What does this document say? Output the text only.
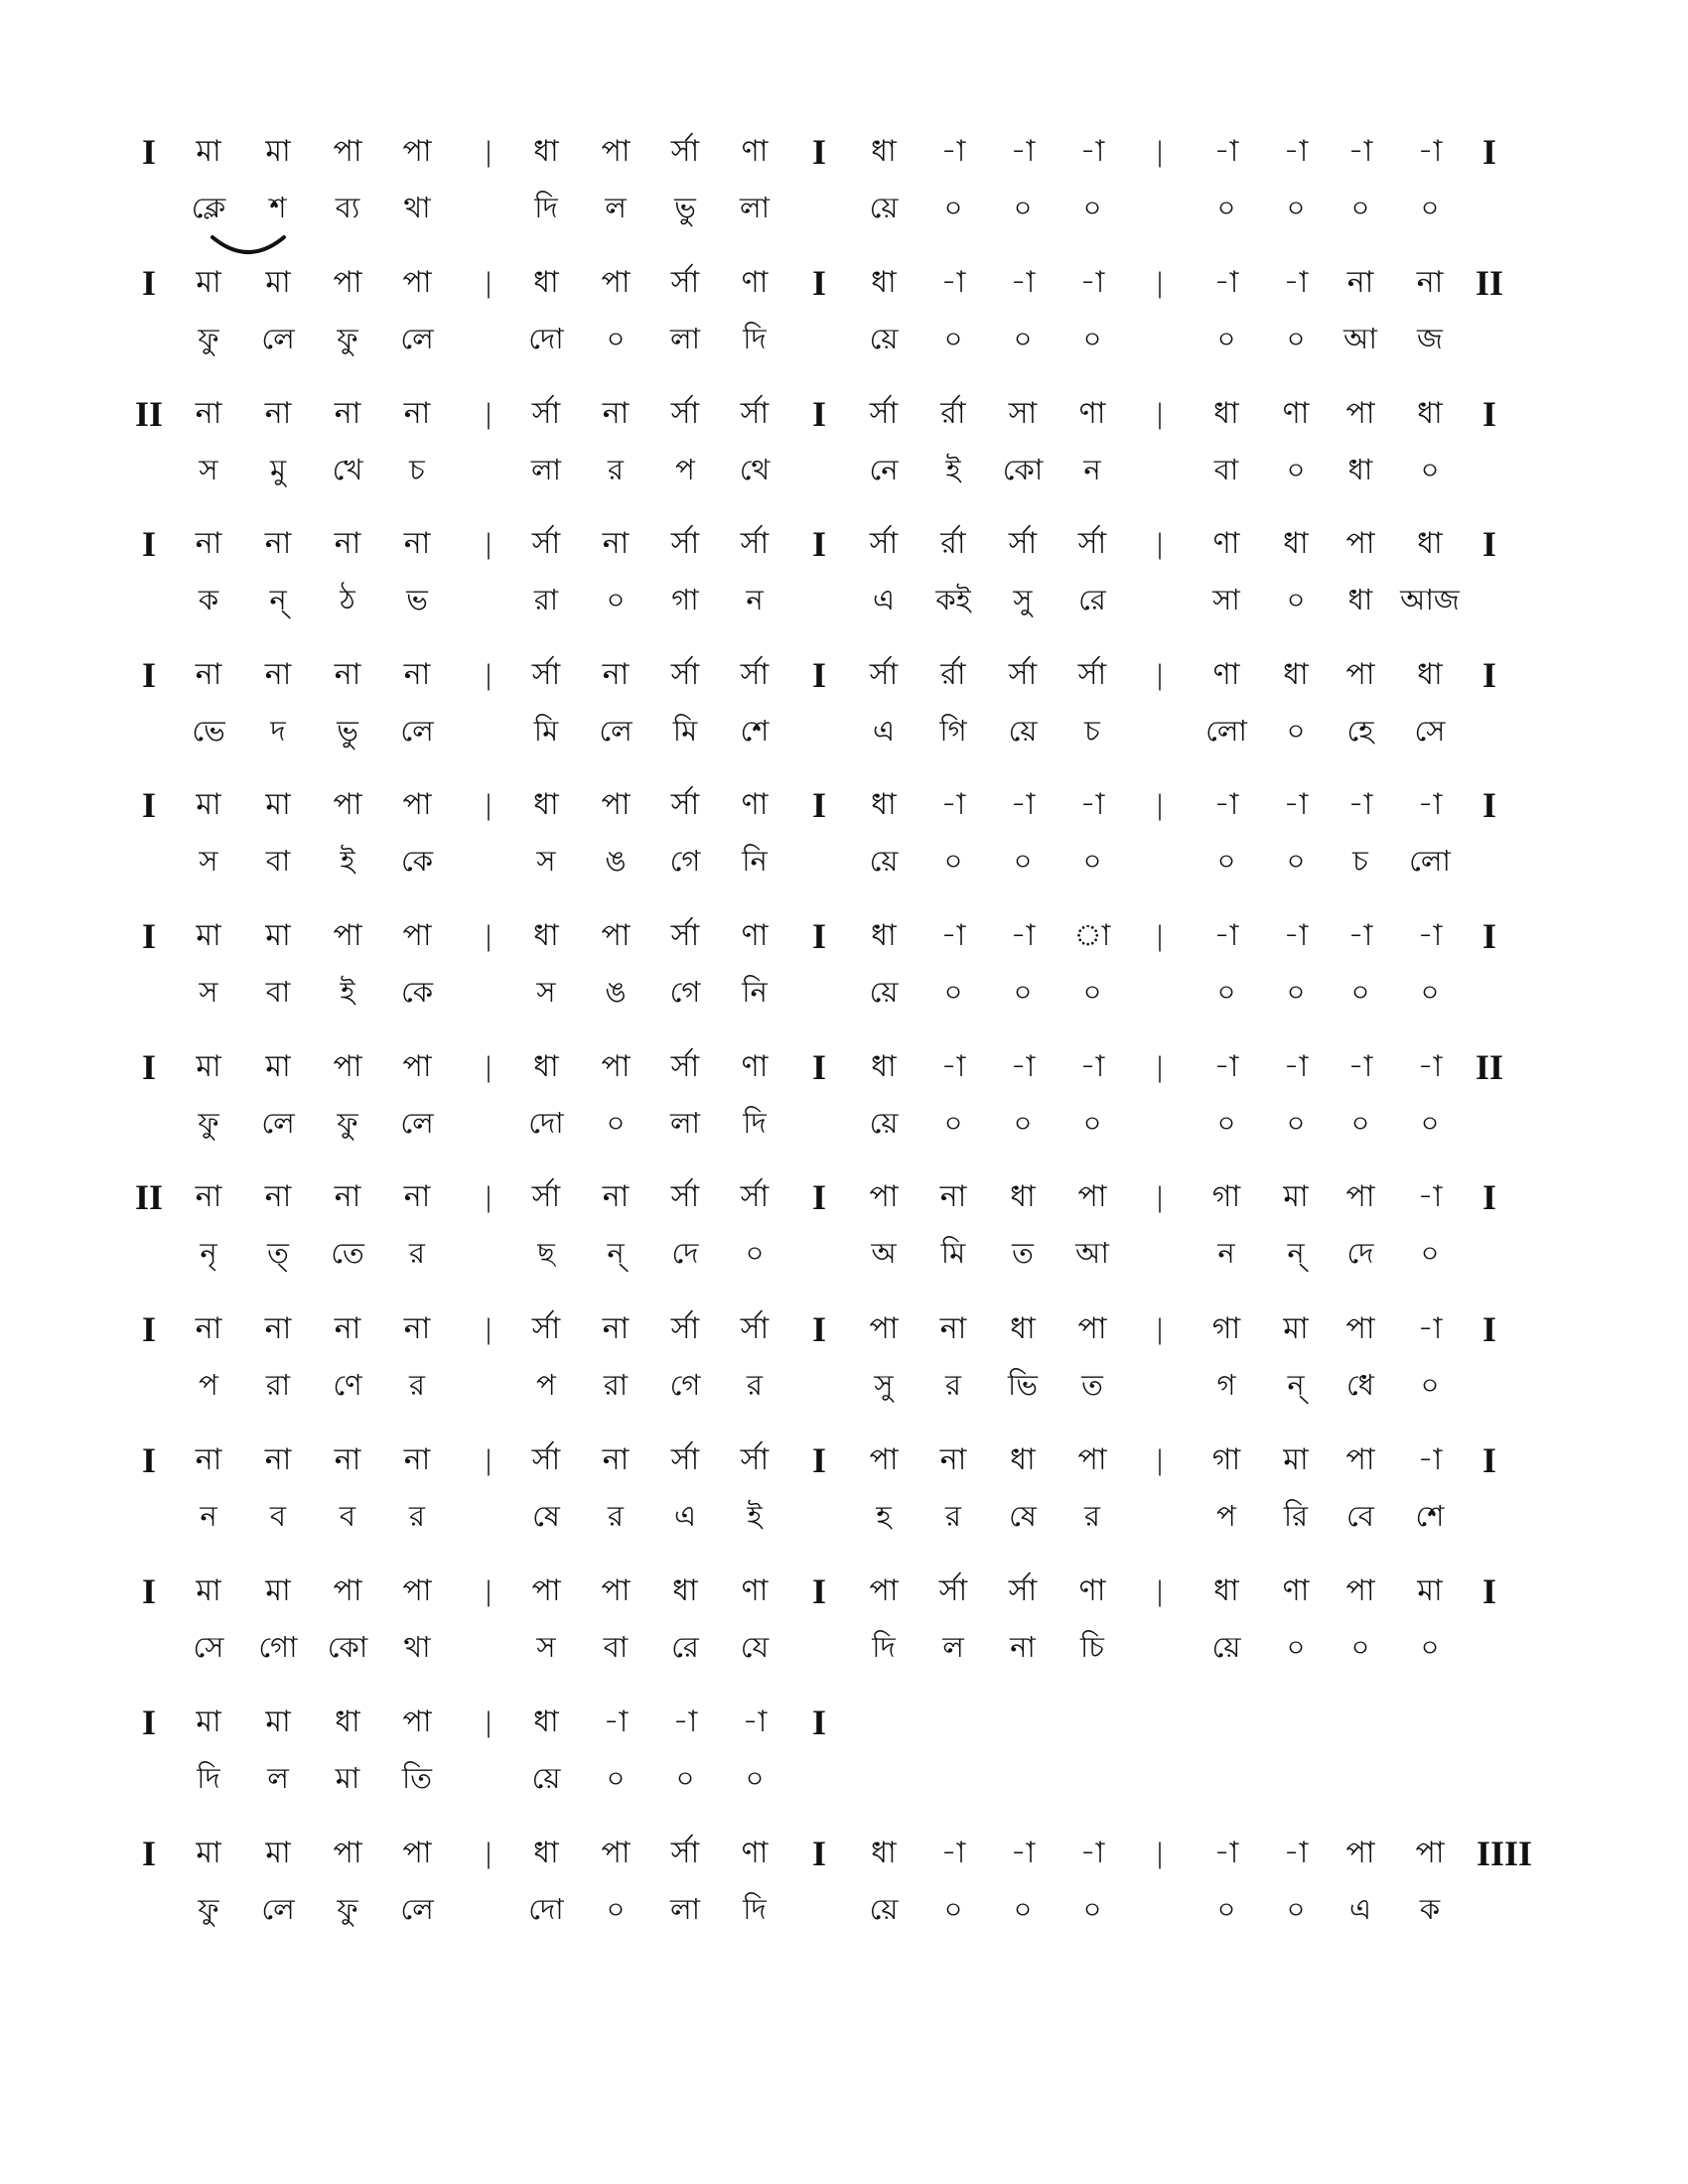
I	মা	মা	পা	পা	|	ধা	পা	র্সা	ণা	I	ধা	-া	-া	-া	|	-া	-া	-া	-া	I
ক্লে	শ	ব্য	থা	দি	ল	ভু	লা	য়ে	০	০	০	০	০	০	০
I	মা	মা	পা	পা	|	ধা	পা	র্সা	ণা	I	ধা	-া	-া	-া	|	-া	-া	না	না II
ফু	লে	ফু	লে	দো	০	লা	দি	য়ে	০	০	০	০	০	আ	জ
II	না	না	না	না	|	র্সা	না	র্সা	র্সা	I	র্সা	র্রা	সা	ণা	|	ধা	ণা	পা	ধা	I
স	মু	খে	চ	লা	র	প	থে	নে	ই	কো	ন	বা	০	ধা	০
I	না	না	না	না	|	র্সা	না	র্সা	র্সা	I	র্সা	র্রা	র্সা	র্সা	|	ণা	ধা	পা	ধা	I
ক	ন্	ঠ	ভ	রা	০	গা	ন	এ	কই	সু	রে	সা	০	ধা আজ
I	না	না	না	না	|	র্সা	না	র্সা	র্সা	I	র্সা	র্রা	র্সা	র্সা	|	ণা	ধা	পা	ধা	I
ভে	দ	ভু	লে	মি	লে	মি	শে	এ	গি	য়ে	চ	লো	০	হে	সে
I	মা	মা	পা	পা	|	ধা	পা	র্সা	ণা	I	ধা	-া	-া	-া	|	-া	-া	-া	-া	I
স	বা	ই	কে	স	ঙ	গে	নি	য়ে	০	০	০	০	০	চ	লো
I	মা	মা	পা	পা	|	ধা	পা	র্সা	ণা	I	ধা	-া	-া	া	|	-া	-া	-া	-া	I
স	বা	ই	কে	স	ঙ	গে	নি	য়ে	০	০	০	০	০	০	০
I	মা	মা	পা	পা	|	ধা	পা	র্সা	ণা	I	ধা	-া	-া	-া	|	-া	-া	-া	-া II
ফু	লে	ফু	লে	দো	০	লা	দি	য়ে	০	০	০	০	০	০	০
II	না	না	না	না	|	র্সা	না	র্সা	র্সা	I	পা	না	ধা	পা	|	গা	মা	পা	-া	I
নৃ	ত্	তে	র	ছ	ন্	দে	০	অ	মি	ত	আ	ন	ন্	দে	০
I	না	না	না	না	|	র্সা	না	র্সা	র্সা	I	পা	না	ধা	পা	|	গা	মা	পা	-া	I
প	রা	ণে	র	প	রা	গে	র	সু	র	ভি	ত	গ	ন্	ধে	০
I	না	না	না	না	|	র্সা	না	র্সা	র্সা	I	পা	না	ধা	পা	|	গা	মা	পা	-া	I
ন	ব	ব	র	ষে	র	এ	ই	হ	র	ষে	র	প	রি	বে	শে
I	মা	মা	পা	পা	|	পা	পা	ধা	ণা	I	পা	র্সা	র্সা	ণা	|	ধা	ণা	পা	মা	I
সে	গো	কো	থা	স	বা	রে	যে	দি	ল	না	চি	য়ে	০	০	০
I	মা	মা	ধা	পা	|	ধা	-া	-া	-া	I
দি	ল	মা	তি	য়ে	০	০	০
I	মা	মা	পা	পা	|	ধা	পা	র্সা	ণা	I	ধা	-া	-া	-া	|	-া	-া	পা	পা IIII
ফু	লে	ফু	লে	দো	০	লা	দি	য়ে	০	০	০	০	০	এ	ক
